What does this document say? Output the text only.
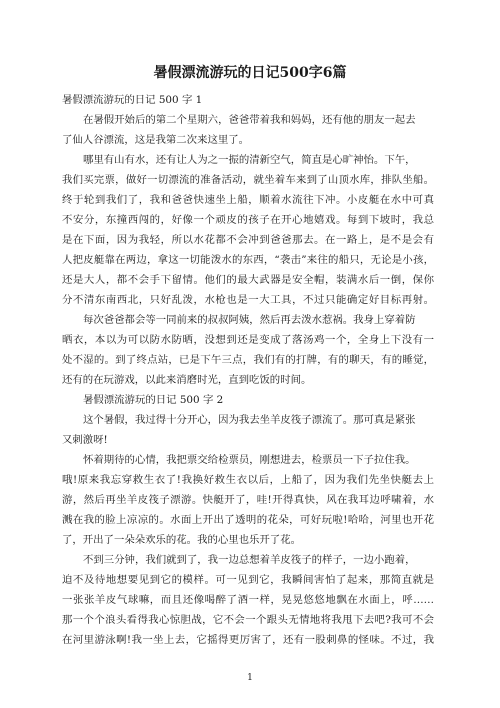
暑假漂流游玩的日记500字6篇
暑假漂流游玩的日记 500 字 1
在暑假开始后的第二个星期六，爸爸带着我和妈妈，还有他的朋友一起去
了仙人谷漂流，这是我第二次来这里了。
哪里有山有水，还有让人为之一振的清新空气，简直是心旷神怡。下午，
我们买完票，做好一切漂流的准备活动，就坐着车来到了山顶水库，排队坐船。
终于轮到我们了，我和爸爸快速坐上船，顺着水流往下冲。小皮艇在水中可真
不安分，东撞西闯的，好像一个顽皮的孩子在开心地嬉戏。每到下坡时，我总
是在下面，因为我轻，所以水花都不会冲到爸爸那去。在一路上，是不是会有
人把皮艇靠在两边，拿这一切能泼水的东西，“袭击”来往的船只，无论是小孩，
还是大人，都不会手下留情。他们的最大武器是安全帽，装满水后一倒，保你
分不清东南西北，只好乱泼，水枪也是一大工具，不过只能确定好目标再射。
每次爸爸都会等一同前来的叔叔阿姨，然后再去泼水惹祸。我身上穿着防
晒衣，本以为可以防水防晒，没想到还是变成了落汤鸡一个，全身上下没有一
处不湿的。到了终点站，已是下午三点，我们有的打牌，有的聊天，有的睡觉，
还有的在玩游戏，以此来消磨时光，直到吃饭的时间。
暑假漂流游玩的日记 500 字 2
这个暑假，我过得十分开心，因为我去坐羊皮筏子漂流了。那可真是紧张
又刺激呀!
怀着期待的心情，我把票交给检票员，刚想进去，检票员一下子拉住我。
哦!原来我忘穿救生衣了!我换好救生衣以后，上船了，因为我们先坐快艇去上
游，然后再坐羊皮筏子漂游。快艇开了，哇!开得真快，风在我耳边呼啸着，水
溅在我的脸上凉凉的。水面上开出了透明的花朵，可好玩啦!哈哈，河里也开花
了，开出了一朵朵欢乐的花。我的心里也乐开了花。
不到三分钟，我们就到了，我一边总想着羊皮筏子的样子，一边小跑着，
迫不及待地想要见到它的模样。可一见到它，我瞬间害怕了起来，那简直就是
一张张羊皮气球嘛，而且还像喝醉了酒一样，晃晃悠悠地飘在水面上，呼……
那一个个浪头看得我心惊胆战，它不会一个跟头无情地将我甩下去吧?我可不会
在河里游泳啊!我一坐上去，它摇得更厉害了，还有一股刺鼻的怪味。不过，我
1
